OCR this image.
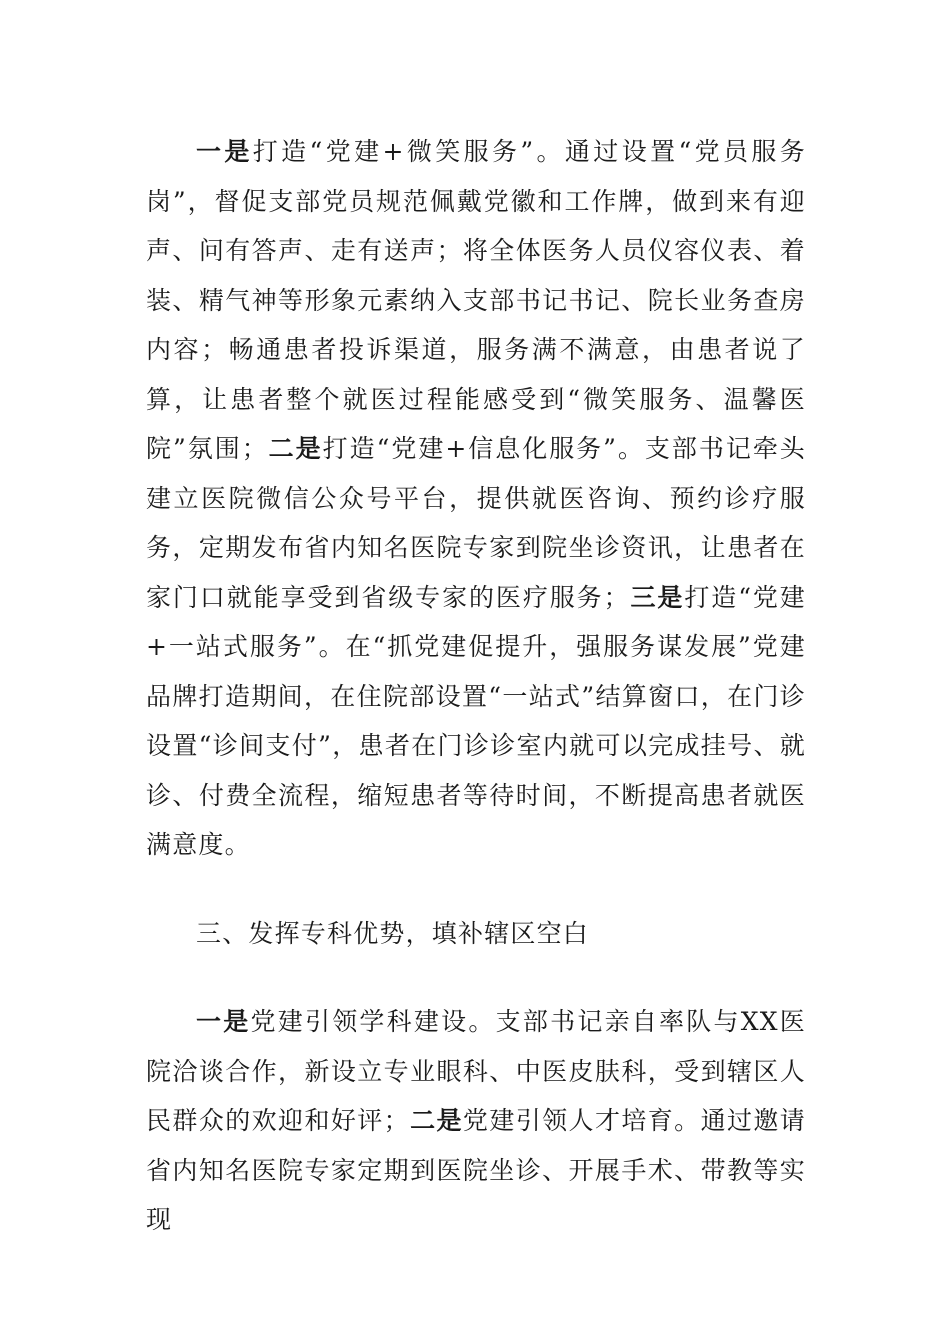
一是打造“党建+微笑服务”。通过设置“党员服务岗”，督促支部党员规范佩戴党徽和工作牌，做到来有迎声、问有答声、走有送声；将全体医务人员仪容仪表、着装、精气神等形象元素纳入支部书记书记、院长业务查房内容；畅通患者投诉渠道，服务满不满意，由患者说了算，让患者整个就医过程能感受到“微笑服务、温馨医院”氛围；二是打造“党建+信息化服务”。支部书记牵头建立医院微信公众号平台，提供就医咨询、预约诊疗服务，定期发布省内知名医院专家到院坐诊资讯，让患者在家门口就能享受到省级专家的医疗服务；三是打造“党建+一站式服务”。在“抓党建促提升，强服务谋发展”党建品牌打造期间，在住院部设置“一站式”结算窗口，在门诊设置“诊间支付”，患者在门诊诊室内就可以完成挂号、就诊、付费全流程，缩短患者等待时间，不断提高患者就医满意度。

三、发挥专科优势，填补辖区空白

一是党建引领学科建设。支部书记亲自率队与XX医院洽谈合作，新设立专业眼科、中医皮肤科，受到辖区人民群众的欢迎和好评；二是党建引领人才培育。通过邀请省内知名医院专家定期到医院坐诊、开展手术、带教等实现
